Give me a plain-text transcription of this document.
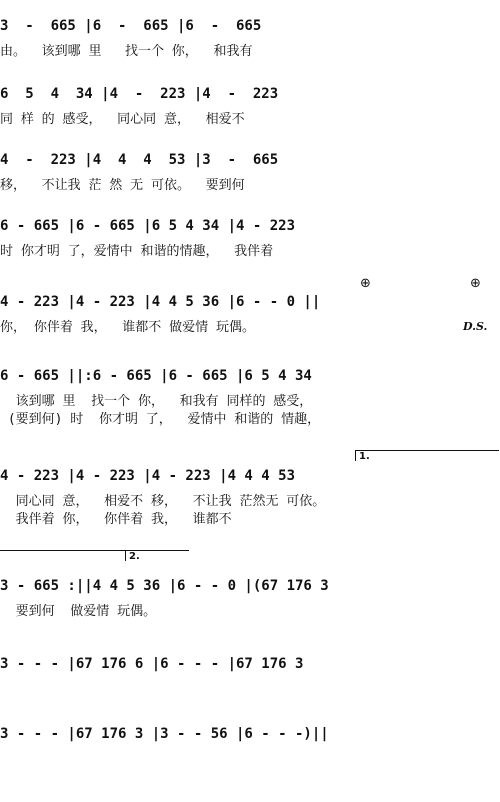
3  -  665 |6  -  665 |6  -  665
由。  该到哪 里   找一个 你，  和我有
6  5  4  34 |4  -  223 |4  -  223
同 样 的 感受，  同心同 意，  相爱不
4  -  223 |4  4  4  53 |3  -  665
移，  不让我 茫 然 无 可依。  要到何
6 - 665 |6 - 665 |6 5 4 34 |4 - 223
时 你才明 了，爱情中 和谐的情趣，  我伴着
⊕	⊕
4 - 223 |4 - 223 |4 4 5 36 |6 - - 0 ||
你， 你伴着 我，  谁都不 做爱情 玩偶。	D.S.
6 - 665 ||:6 - 665 |6 - 665 |6 5 4 34
该到哪 里  找一个 你，  和我有 同样的 感受，
(要到何) 时  你才明 了，  爱情中 和谐的 情趣，
1.
4 - 223 |4 - 223 |4 - 223 |4 4 4 53
同心同 意，  相爱不 移，  不让我 茫然无 可依。
我伴着 你，  你伴着 我，  谁都不
2.
3 - 665 :||4 4 5 36 |6 - - 0 |(67 176 3
要到何  做爱情 玩偶。
3 - - - |67 176 6 |6 - - - |67 176 3
3 - - - |67 176 3 |3 - - 56 |6 - - -)||
